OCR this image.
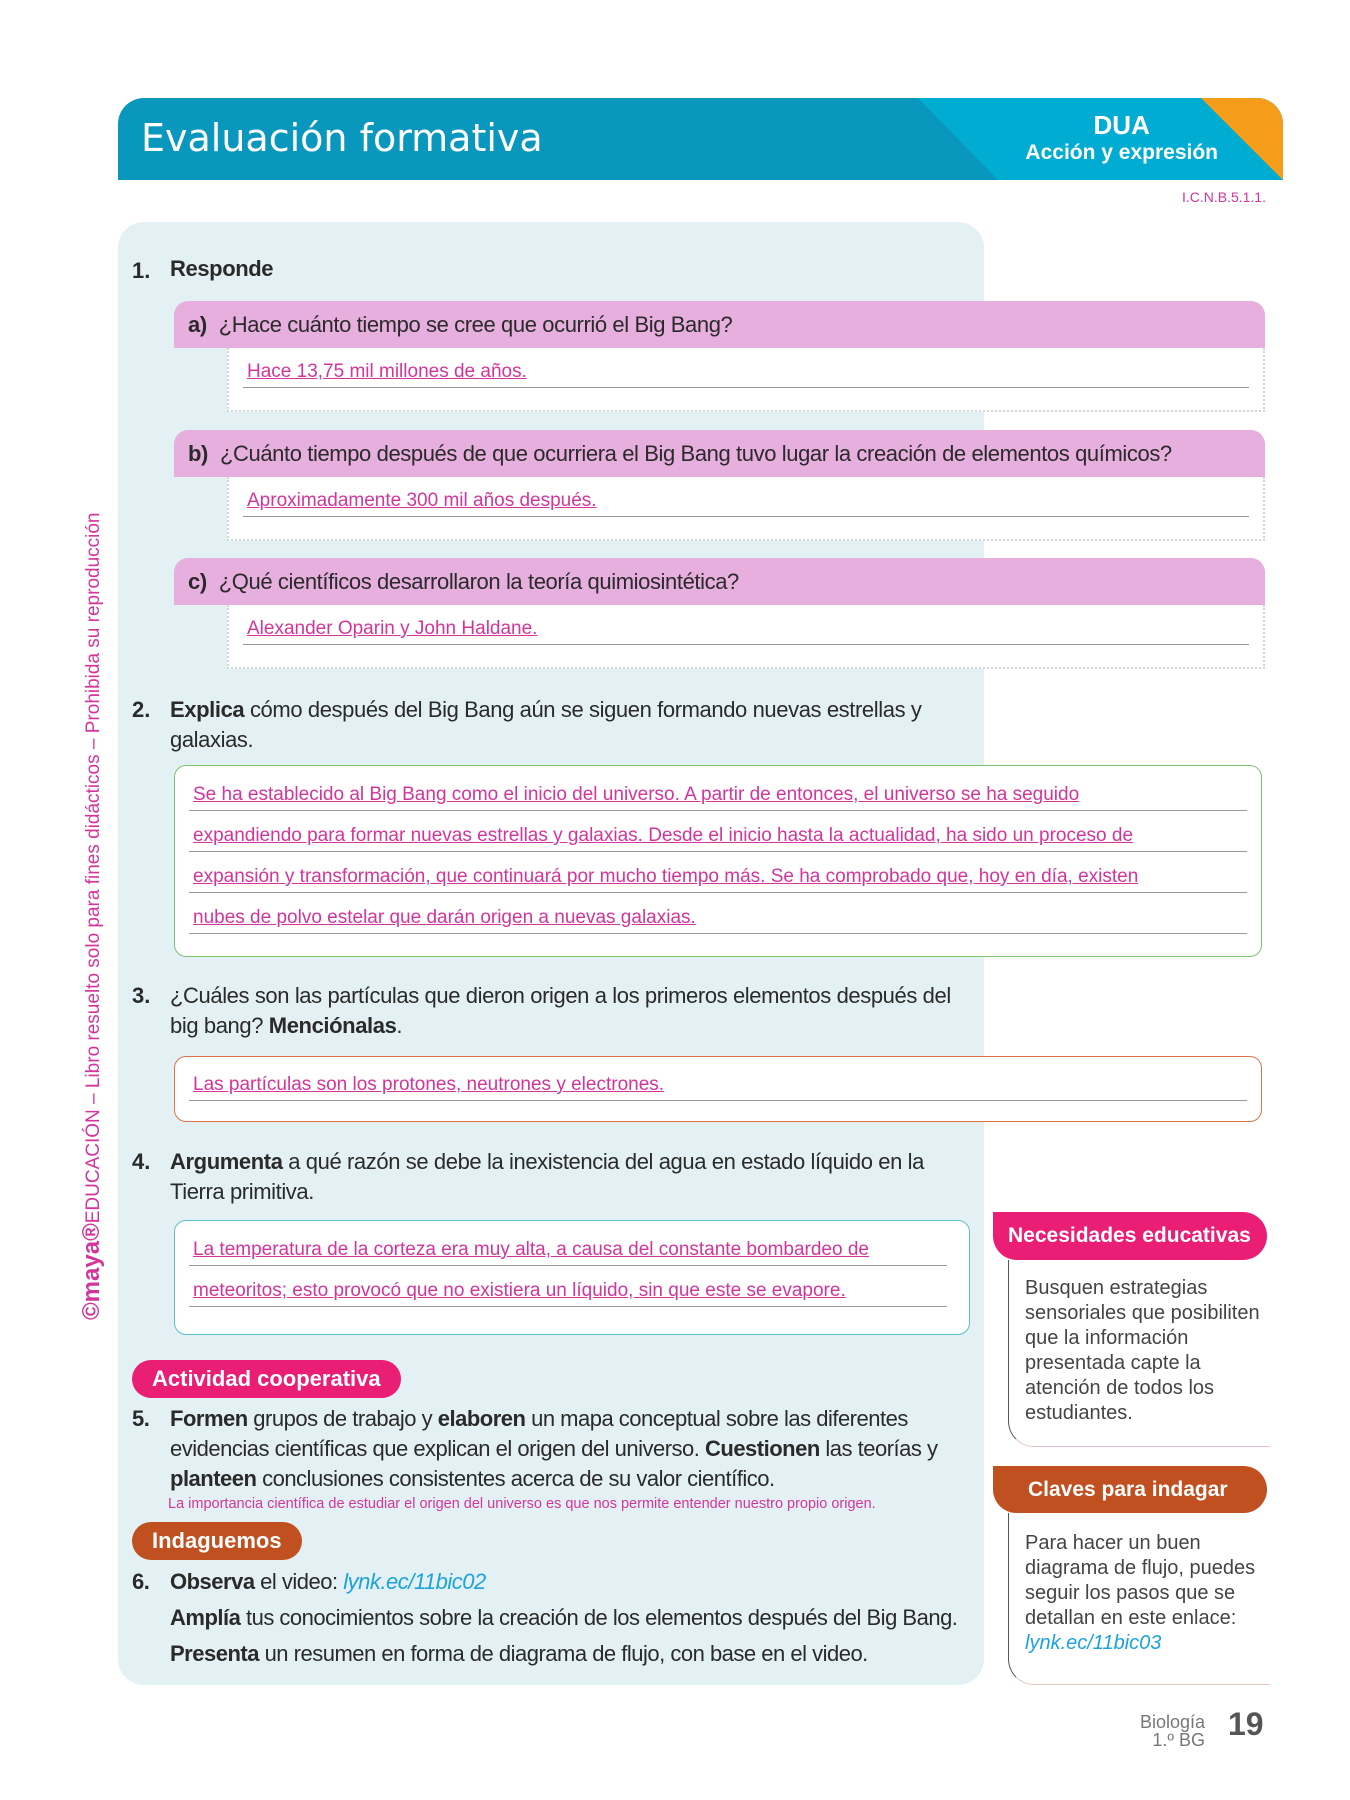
Evaluación formativa	DUA
Acción y expresión
I.C.N.B.5.1.1.
©maya®EDUCACIÓN – Libro resuelto solo para fines didácticos – Prohibida su reproducción
1. Responde
a) ¿Hace cuánto tiempo se cree que ocurrió el Big Bang?
Hace 13,75 mil millones de años.
b) ¿Cuánto tiempo después de que ocurriera el Big Bang tuvo lugar la creación de elementos químicos?
Aproximadamente 300 mil años después.
c) ¿Qué científicos desarrollaron la teoría quimiosintética?
Alexander Oparin y John Haldane.
2. Explica cómo después del Big Bang aún se siguen formando nuevas estrellas y galaxias.
Se ha establecido al Big Bang como el inicio del universo. A partir de entonces, el universo se ha seguido
expandiendo para formar nuevas estrellas y galaxias. Desde el inicio hasta la actualidad, ha sido un proceso de
expansión y transformación, que continuará por mucho tiempo más. Se ha comprobado que, hoy en día, existen
nubes de polvo estelar que darán origen a nuevas galaxias.
3. ¿Cuáles son las partículas que dieron origen a los primeros elementos después del big bang? Menciónalas.
Las partículas son los protones, neutrones y electrones.
4. Argumenta a qué razón se debe la inexistencia del agua en estado líquido en la Tierra primitiva.
La temperatura de la corteza era muy alta, a causa del constante bombardeo de
meteoritos; esto provocó que no existiera un líquido, sin que este se evapore.
Actividad cooperativa
5. Formen grupos de trabajo y elaboren un mapa conceptual sobre las diferentes evidencias científicas que explican el origen del universo. Cuestionen las teorías y planteen conclusiones consistentes acerca de su valor científico.
La importancia científica de estudiar el origen del universo es que nos permite entender nuestro propio origen.
Indaguemos
6. Observa el video: lynk.ec/11bic02
Amplía tus conocimientos sobre la creación de los elementos después del Big Bang.
Presenta un resumen en forma de diagrama de flujo, con base en el video.
Necesidades educativas
Busquen estrategias sensoriales que posibiliten que la información presentada capte la atención de todos los estudiantes.
Claves para indagar
Para hacer un buen diagrama de flujo, puedes seguir los pasos que se detallan en este enlace:
lynk.ec/11bic03
Biología
1.º BG 19
